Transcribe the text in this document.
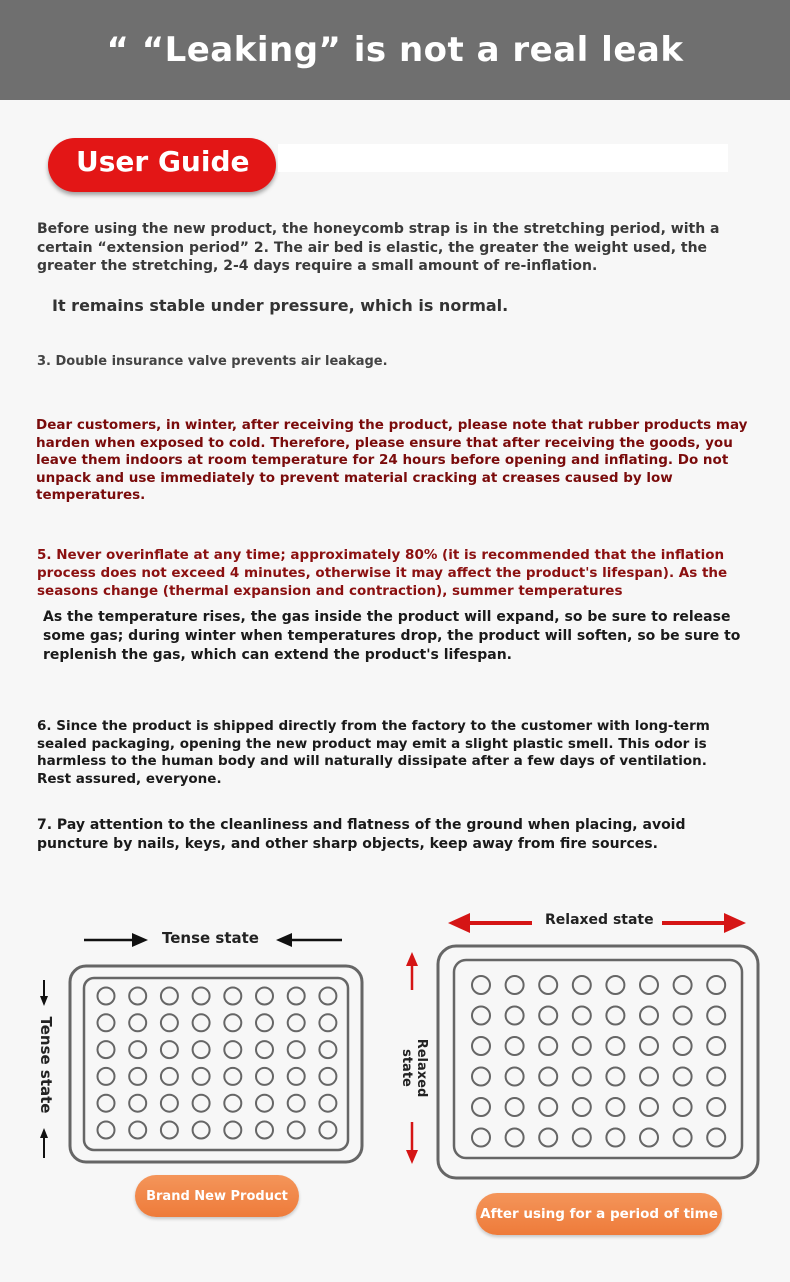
“ “Leaking” is not a real leak
User Guide

Before using the new product, the honeycomb strap is in the stretching period, with a certain “extension period” 2. The air bed is elastic, the greater the weight used, the greater the stretching, 2-4 days require a small amount of re-inflation.

It remains stable under pressure, which is normal.

3. Double insurance valve prevents air leakage.

Dear customers, in winter, after receiving the product, please note that rubber products may harden when exposed to cold. Therefore, please ensure that after receiving the goods, you leave them indoors at room temperature for 24 hours before opening and inflating. Do not unpack and use immediately to prevent material cracking at creases caused by low temperatures.

5. Never overinflate at any time; approximately 80% (it is recommended that the inflation process does not exceed 4 minutes, otherwise it may affect the product's lifespan). As the seasons change (thermal expansion and contraction), summer temperatures

As the temperature rises, the gas inside the product will expand, so be sure to release some gas; during winter when temperatures drop, the product will soften, so be sure to replenish the gas, which can extend the product's lifespan.

6. Since the product is shipped directly from the factory to the customer with long-term sealed packaging, opening the new product may emit a slight plastic smell. This odor is harmless to the human body and will naturally dissipate after a few days of ventilation. Rest assured, everyone.

7. Pay attention to the cleanliness and flatness of the ground when placing, avoid puncture by nails, keys, and other sharp objects, keep away from fire sources.

Tense state
Relaxed state
Tense state	Relaxed state
Brand New Product
After using for a period of time
